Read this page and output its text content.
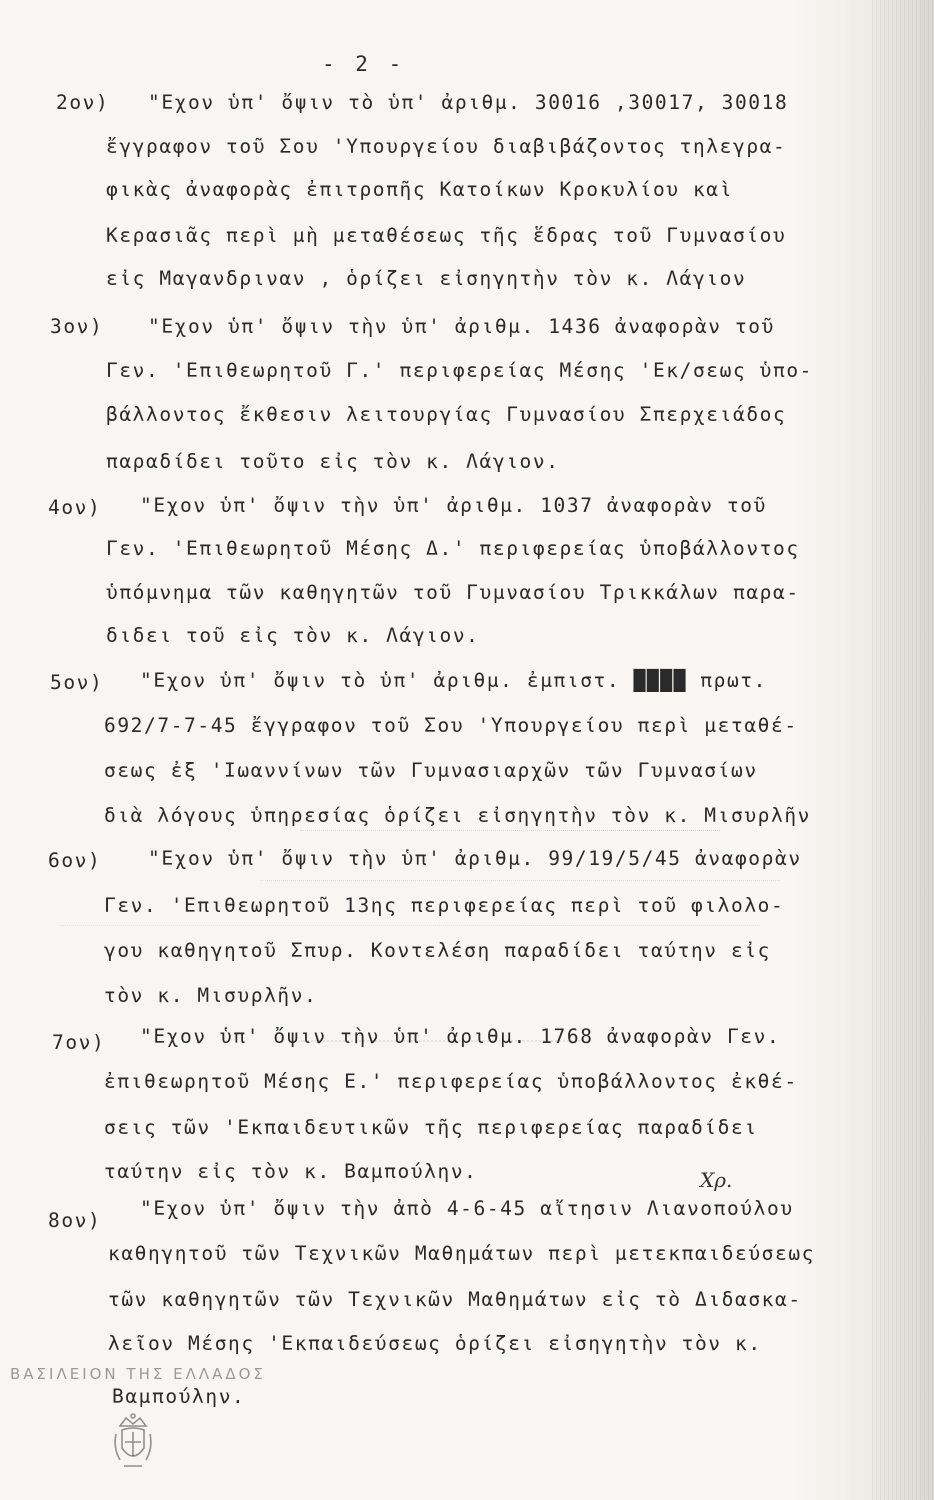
- 2 -
2ον) "Εχον ὑπ' ὄψιν τὸ ὑπ' ἀριθμ. 30016 ,30017, 30018
ἔγγραφον τοῦ Σου 'Υπουργείου διαβιβάζοντος τηλεγρα-
φικὰς ἀναφορὰς ἐπιτροπῆς Κατοίκων Κροκυλίου καὶ
Κερασιᾶς περὶ μὴ μεταθέσεως τῆς ἕδρας τοῦ Γυμνασίου
εἰς Μαγανδριναν , ὁρίζει εἰσηγητὴν τὸν κ. Λάγιον
3ον) "Εχον ὑπ' ὄψιν τὴν ὑπ' ἀριθμ. 1436 ἀναφορὰν τοῦ
Γεν. 'Επιθεωρητοῦ Γ.' περιφερείας Μέσης 'Εκ/σεως ὑπο-
βάλλοντος ἔκθεσιν λειτουργίας Γυμνασίου Σπερχειάδος
παραδίδει τοῦτο εἰς τὸν κ. Λάγιον.
4ον) "Εχον ὑπ' ὄψιν τὴν ὑπ' ἀριθμ. 1037 ἀναφορὰν τοῦ
Γεν. 'Επιθεωρητοῦ Μέσης Δ.' περιφερείας ὑποβάλλοντος
ὑπόμνημα τῶν καθηγητῶν τοῦ Γυμνασίου Τρικκάλων παρα-
διδει τοῦ εἰς τὸν κ. Λάγιον.
5ον) "Εχον ὑπ' ὄψιν τὸ ὑπ' ἀριθμ. ἐμπιστ. ████ πρωτ.
692/7-7-45 ἔγγραφον τοῦ Σου 'Υπουργείου περὶ μεταθέ-
σεως ἐξ 'Ιωαννίνων τῶν Γυμνασιαρχῶν τῶν Γυμνασίων
διὰ λόγους ὑπηρεσίας ὁρίζει εἰσηγητὴν τὸν κ. Μισυρλῆν
6ον) "Εχον ὑπ' ὄψιν τὴν ὑπ' ἀριθμ. 99/19/5/45 ἀναφορὰν
Γεν. 'Επιθεωρητοῦ 13ης περιφερείας περὶ τοῦ φιλολο-
γου καθηγητοῦ Σπυρ. Κοντελέση παραδίδει ταύτην εἰς
τὸν κ. Μισυρλῆν.
7ον) "Εχον ὑπ' ὄψιν τὴν ὑπ' ἀριθμ. 1768 ἀναφορὰν Γεν.
ἐπιθεωρητοῦ Μέσης Ε.' περιφερείας ὑποβάλλοντος ἐκθέ-
σεις τῶν 'Εκπαιδευτικῶν τῆς περιφερείας παραδίδει
ταύτην εἰς τὸν κ. Βαμπούλην.	Χρ.
8ον)
"Εχον ὑπ' ὄψιν τὴν ἀπὸ 4-6-45 αἴτησιν Λιανοπούλου
καθηγητοῦ τῶν Τεχνικῶν Μαθημάτων περὶ μετεκπαιδεύσεως
τῶν καθηγητῶν τῶν Τεχνικῶν Μαθημάτων εἰς τὸ Διδασκα-
λεῖον Μέσης 'Εκπαιδεύσεως ὁρίζει εἰσηγητὴν τὸν κ.
Βαμπούλην.
ΒΑΣΙΛΕΙΟΝ ΤΗΣ ΕΛΛΑΔΟΣ
